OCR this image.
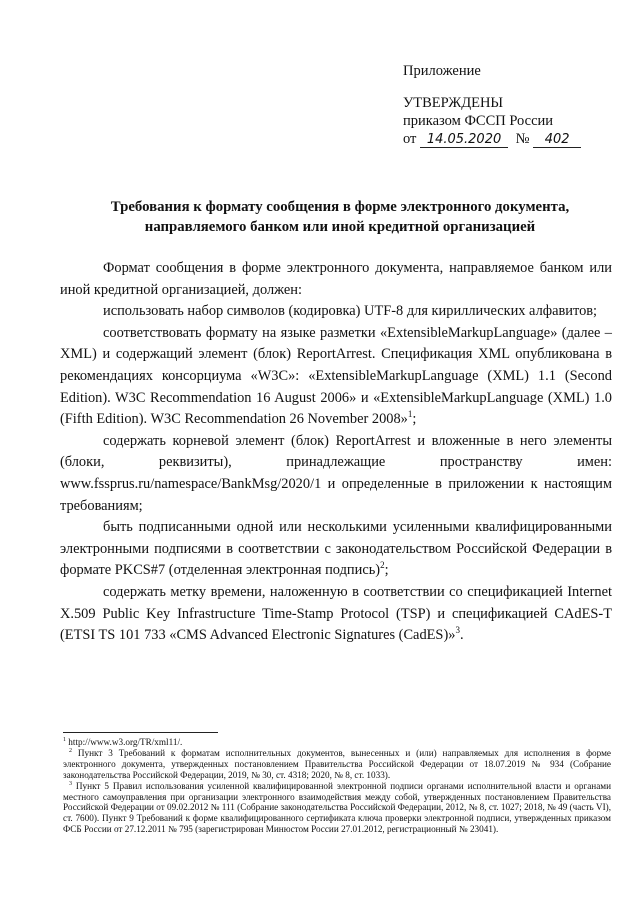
Приложение
УТВЕРЖДЕНЫ
приказом ФССП России
от 14.05.2020 № 402
Требования к формату сообщения в форме электронного документа,
направляемого банком или иной кредитной организацией

Формат сообщения в форме электронного документа, направляемое банком или иной кредитной организацией, должен:

использовать набор символов (кодировка) UTF-8 для кириллических алфавитов;

соответствовать формату на языке разметки «ExtensibleMarkupLanguage» (далее – XML) и содержащий элемент (блок) ReportArrest. Спецификация XML опубликована в рекомендациях консорциума «W3C»: «ExtensibleMarkupLanguage (XML) 1.1 (Second Edition). W3C Recommendation 16 August 2006» и «ExtensibleMarkupLanguage (XML) 1.0 (Fifth Edition). W3C Recommendation 26 November 2008»$^1$;

содержать корневой элемент (блок) ReportArrest и вложенные в него элементы (блоки, реквизиты), принадлежащие пространству имен: www.fssprus.ru/namespace/BankMsg/2020/1 и определенные в приложении к настоящим требованиям;

быть подписанными одной или несколькими усиленными квалифицированными электронными подписями в соответствии с законодательством Российской Федерации в формате PKCS#7 (отделенная электронная подпись)$^2$;

содержать метку времени, наложенную в соответствии со спецификацией Internet X.509 Public Key Infrastructure Time-Stamp Protocol (TSP) и спецификацией CAdES-T (ETSI TS 101 733 «CMS Advanced Electronic Signatures (CadES)»$^3$.

$^1$ http://www.w3.org/TR/xml11/.

$^2$ Пункт 3 Требований к форматам исполнительных документов, вынесенных и (или) направляемых для исполнения в форме электронного документа, утвержденных постановлением Правительства Российской Федерации от 18.07.2019 № 934 (Собрание законодательства Российской Федерации, 2019, № 30, ст. 4318; 2020, № 8, ст. 1033).

$^3$ Пункт 5 Правил использования усиленной квалифицированной электронной подписи органами исполнительной власти и органами местного самоуправления при организации электронного взаимодействия между собой, утвержденных постановлением Правительства Российской Федерации от 09.02.2012 № 111 (Собрание законодательства Российской Федерации, 2012, № 8, ст. 1027; 2018, № 49 (часть VI), ст. 7600). Пункт 9 Требований к форме квалифицированного сертификата ключа проверки электронной подписи, утвержденных приказом ФСБ России от 27.12.2011 № 795 (зарегистрирован Минюстом России 27.01.2012, регистрационный № 23041).
